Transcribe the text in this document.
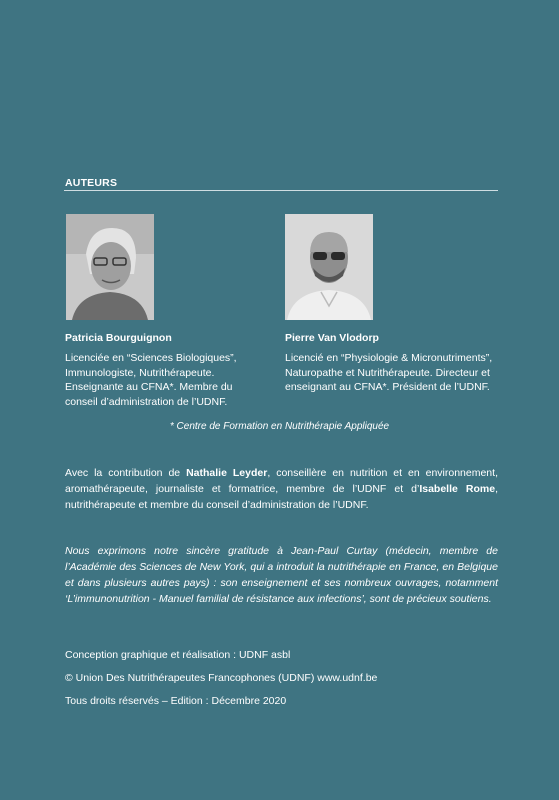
AUTEURS
Patricia Bourguignon
Licenciée en “Sciences Biologiques”, Immunologiste, Nutrithérapeute. Enseignante au CFNA*. Membre du conseil d’administration de l’UDNF.
Pierre Van Vlodorp
Licencié en “Physiologie & Micronutriments”, Naturopathe et Nutrithérapeute. Directeur et enseignant au CFNA*. Président de l’UDNF.
* Centre de Formation en Nutrithérapie Appliquée
Avec la contribution de Nathalie Leyder, conseillère en nutrition et en environnement, aromathérapeute, journaliste et formatrice, membre de l’UDNF et d’Isabelle Rome, nutrithérapeute et membre du conseil d’administration de l’UDNF.
Nous exprimons notre sincère gratitude à Jean-Paul Curtay (médecin, membre de l’Académie des Sciences de New York, qui a introduit la nutrithérapie en France, en Belgique et dans plusieurs autres pays) : son enseignement et ses nombreux ouvrages, notamment ‘L’immunonutrition - Manuel familial de résistance aux infections’, sont de précieux soutiens.
Conception graphique et réalisation : UDNF asbl
© Union Des Nutrithérapeutes Francophones (UDNF) www.udnf.be
Tous droits réservés – Edition : Décembre 2020
